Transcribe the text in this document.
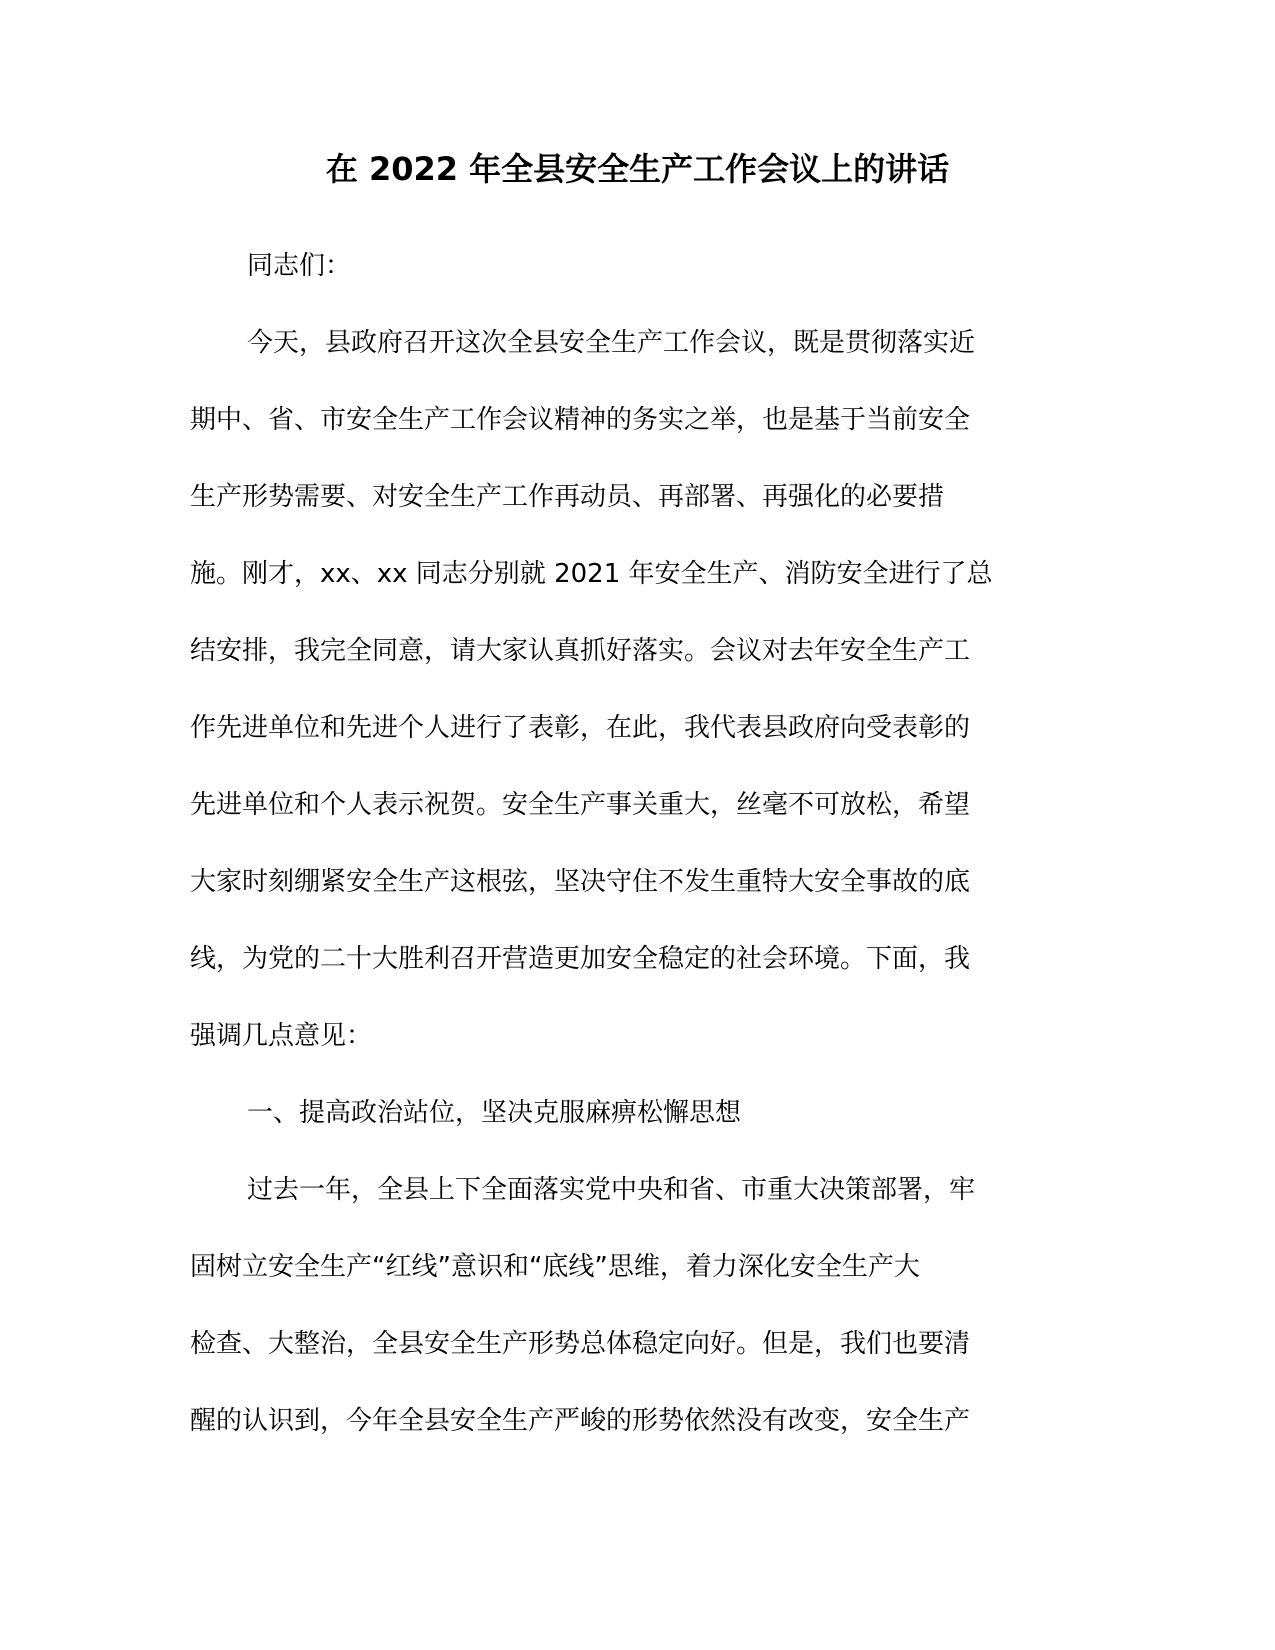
在 2022 年全县安全生产工作会议上的讲话
同志们：
今天，县政府召开这次全县安全生产工作会议，既是贯彻落实近
期中、省、市安全生产工作会议精神的务实之举，也是基于当前安全
生产形势需要、对安全生产工作再动员、再部署、再强化的必要措
施。刚才，xx、xx 同志分别就 2021 年安全生产、消防安全进行了总
结安排，我完全同意，请大家认真抓好落实。会议对去年安全生产工
作先进单位和先进个人进行了表彰，在此，我代表县政府向受表彰的
先进单位和个人表示祝贺。安全生产事关重大，丝毫不可放松，希望
大家时刻绷紧安全生产这根弦，坚决守住不发生重特大安全事故的底
线，为党的二十大胜利召开营造更加安全稳定的社会环境。下面，我
强调几点意见：
一、提高政治站位，坚决克服麻痹松懈思想
过去一年，全县上下全面落实党中央和省、市重大决策部署，牢
固树立安全生产“红线”意识和“底线”思维，着力深化安全生产大
检查、大整治，全县安全生产形势总体稳定向好。但是，我们也要清
醒的认识到，今年全县安全生产严峻的形势依然没有改变，安全生产
